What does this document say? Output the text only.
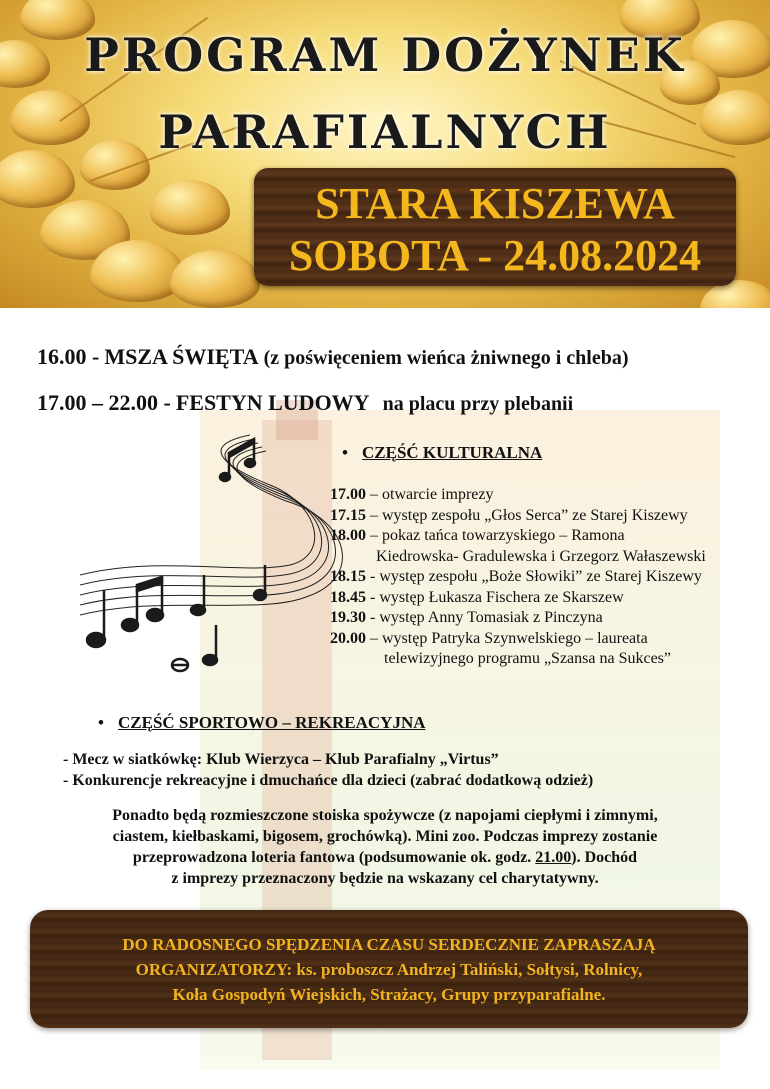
PROGRAM DOŻYNEK
PARAFIALNYCH
STARA KISZEWA
SOBOTA - 24.08.2024
16.00 - MSZA ŚWIĘTA (z poświęceniem wieńca żniwnego i chleba)
17.00 – 22.00 - FESTYN LUDOWY na placu przy plebanii
• CZĘŚĆ KULTURALNA
17.00 – otwarcie imprezy
17.15 – występ zespołu „Głos Serca” ze Starej Kiszewy
18.00 – pokaz tańca towarzyskiego – Ramona
Kiedrowska- Gradulewska i Grzegorz Wałaszewski
18.15 - występ zespołu „Boże Słowiki” ze Starej Kiszewy
18.45 - występ Łukasza Fischera ze Skarszew
19.30 - występ Anny Tomasiak z Pinczyna
20.00 – występ Patryka Szynwelskiego – laureata
telewizyjnego programu „Szansa na Sukces”
• CZĘŚĆ SPORTOWO – REKREACYJNA
- Mecz w siatkówkę: Klub Wierzyca – Klub Parafialny „Virtus”
- Konkurencje rekreacyjne i dmuchańce dla dzieci (zabrać dodatkową odzież)
Ponadto będą rozmieszczone stoiska spożywcze (z napojami ciepłymi i zimnymi,
ciastem, kiełbaskami, bigosem, grochówką). Mini zoo. Podczas imprezy zostanie
przeprowadzona loteria fantowa (podsumowanie ok. godz. 21.00). Dochód
z imprezy przeznaczony będzie na wskazany cel charytatywny.
DO RADOSNEGO SPĘDZENIA CZASU SERDECZNIE ZAPRASZAJĄ
ORGANIZATORZY: ks. proboszcz Andrzej Taliński, Sołtysi, Rolnicy,
Koła Gospodyń Wiejskich, Strażacy, Grupy przyparafialne.
